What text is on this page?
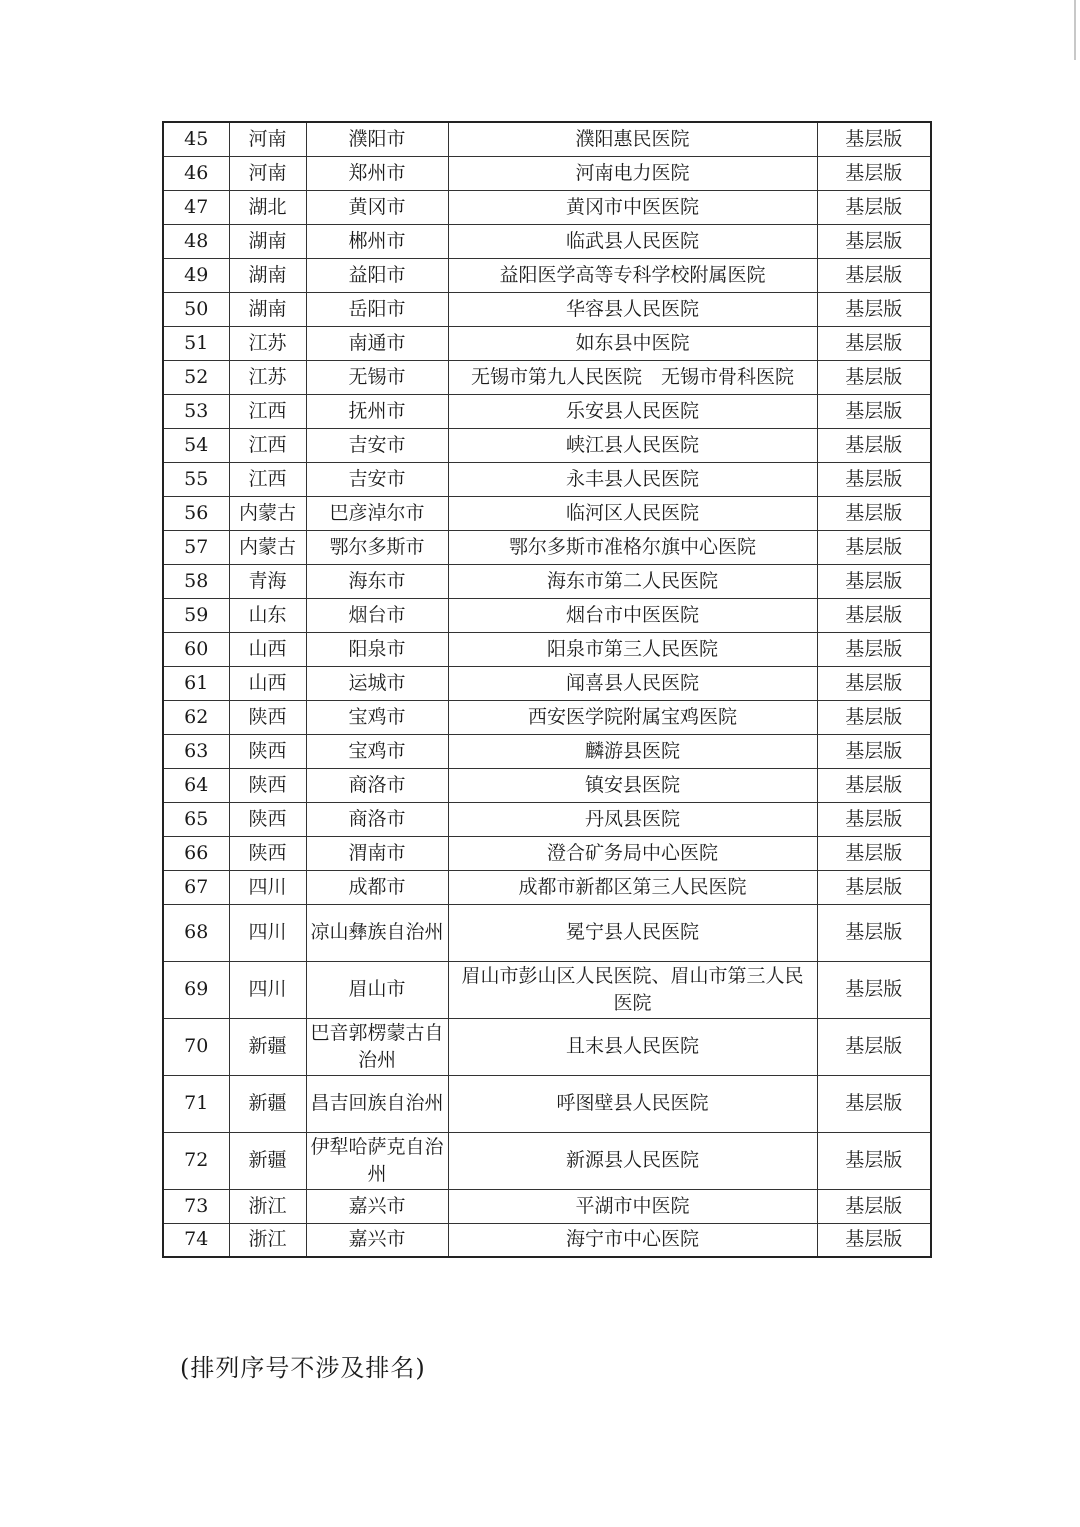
45	河南	濮阳市	濮阳惠民医院	基层版
46	河南	郑州市	河南电力医院	基层版
47	湖北	黄冈市	黄冈市中医医院	基层版
48	湖南	郴州市	临武县人民医院	基层版
49	湖南	益阳市	益阳医学高等专科学校附属医院	基层版
50	湖南	岳阳市	华容县人民医院	基层版
51	江苏	南通市	如东县中医院	基层版
52	江苏	无锡市	无锡市第九人民医院　无锡市骨科医院	基层版
53	江西	抚州市	乐安县人民医院	基层版
54	江西	吉安市	峡江县人民医院	基层版
55	江西	吉安市	永丰县人民医院	基层版
56	内蒙古	巴彦淖尔市	临河区人民医院	基层版
57	内蒙古	鄂尔多斯市	鄂尔多斯市准格尔旗中心医院	基层版
58	青海	海东市	海东市第二人民医院	基层版
59	山东	烟台市	烟台市中医医院	基层版
60	山西	阳泉市	阳泉市第三人民医院	基层版
61	山西	运城市	闻喜县人民医院	基层版
62	陕西	宝鸡市	西安医学院附属宝鸡医院	基层版
63	陕西	宝鸡市	麟游县医院	基层版
64	陕西	商洛市	镇安县医院	基层版
65	陕西	商洛市	丹凤县医院	基层版
66	陕西	渭南市	澄合矿务局中心医院	基层版
67	四川	成都市	成都市新都区第三人民医院	基层版
68	四川	凉山彝族自治州	冕宁县人民医院	基层版
69	四川	眉山市	眉山市彭山区人民医院、眉山市第三人民医院	基层版
70	新疆	巴音郭楞蒙古自治州	且末县人民医院	基层版
71	新疆	昌吉回族自治州	呼图壁县人民医院	基层版
72	新疆	伊犁哈萨克自治州	新源县人民医院	基层版
73	浙江	嘉兴市	平湖市中医院	基层版
74	浙江	嘉兴市	海宁市中心医院	基层版
(排列序号不涉及排名)
